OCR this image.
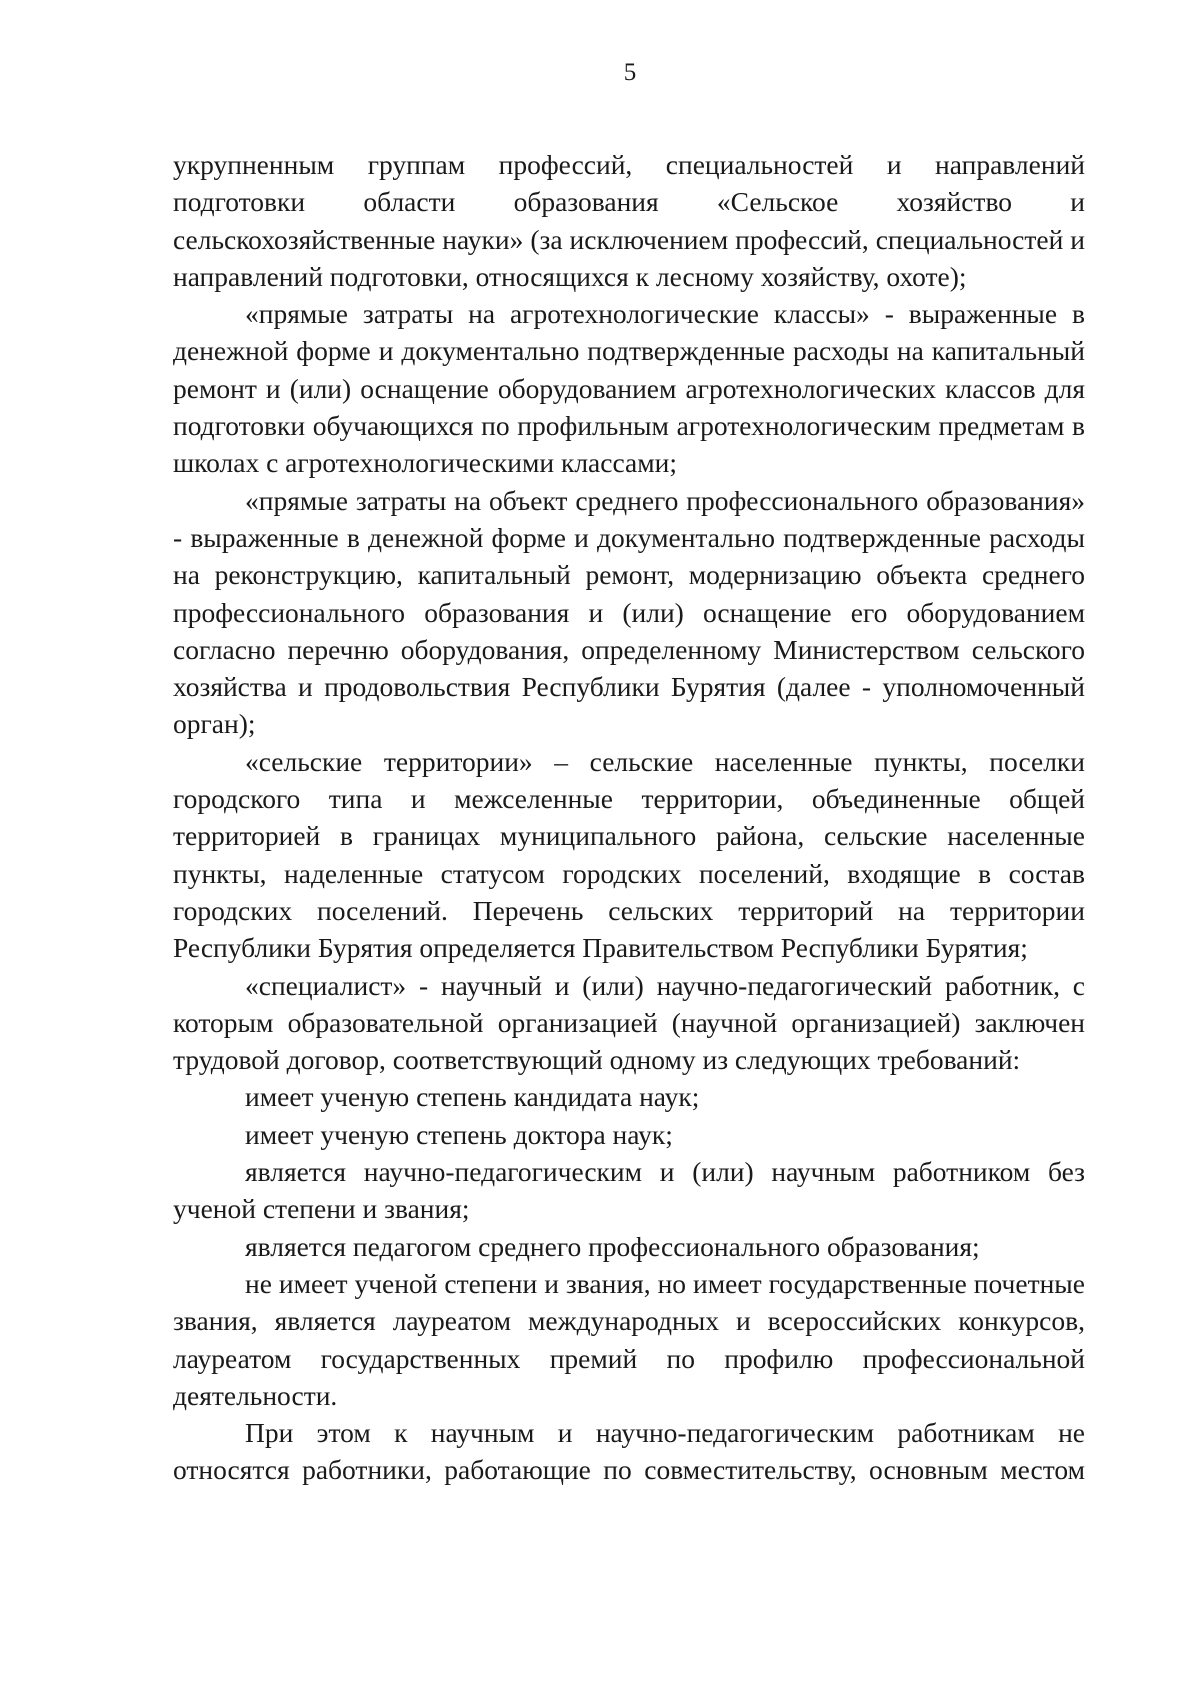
5

укрупненным группам профессий, специальностей и направлений подготовки области образования «Сельское хозяйство и сельскохозяйственные науки» (за исключением профессий, специальностей и направлений подготовки, относящихся к лесному хозяйству, охоте);

«прямые затраты на агротехнологические классы» - выраженные в денежной форме и документально подтвержденные расходы на капитальный ремонт и (или) оснащение оборудованием агротехнологических классов для подготовки обучающихся по профильным агротехнологическим предметам в школах с агротехнологическими классами;

«прямые затраты на объект среднего профессионального образования» - выраженные в денежной форме и документально подтвержденные расходы на реконструкцию, капитальный ремонт, модернизацию объекта среднего профессионального образования и (или) оснащение его оборудованием согласно перечню оборудования, определенному Министерством сельского хозяйства и продовольствия Республики Бурятия (далее - уполномоченный орган);

«сельские территории» – сельские населенные пункты, поселки городского типа и межселенные территории, объединенные общей территорией в границах муниципального района, сельские населенные пункты, наделенные статусом городских поселений, входящие в состав городских поселений. Перечень сельских территорий на территории Республики Бурятия определяется Правительством Республики Бурятия;

«специалист» - научный и (или) научно-педагогический работник, с которым образовательной организацией (научной организацией) заключен трудовой договор, соответствующий одному из следующих требований:

имеет ученую степень кандидата наук;

имеет ученую степень доктора наук;

является научно-педагогическим и (или) научным работником без ученой степени и звания;

является педагогом среднего профессионального образования;

не имеет ученой степени и звания, но имеет государственные почетные звания, является лауреатом международных и всероссийских конкурсов, лауреатом государственных премий по профилю профессиональной деятельности.

При этом к научным и научно-педагогическим работникам не относятся работники, работающие по совместительству, основным местом
